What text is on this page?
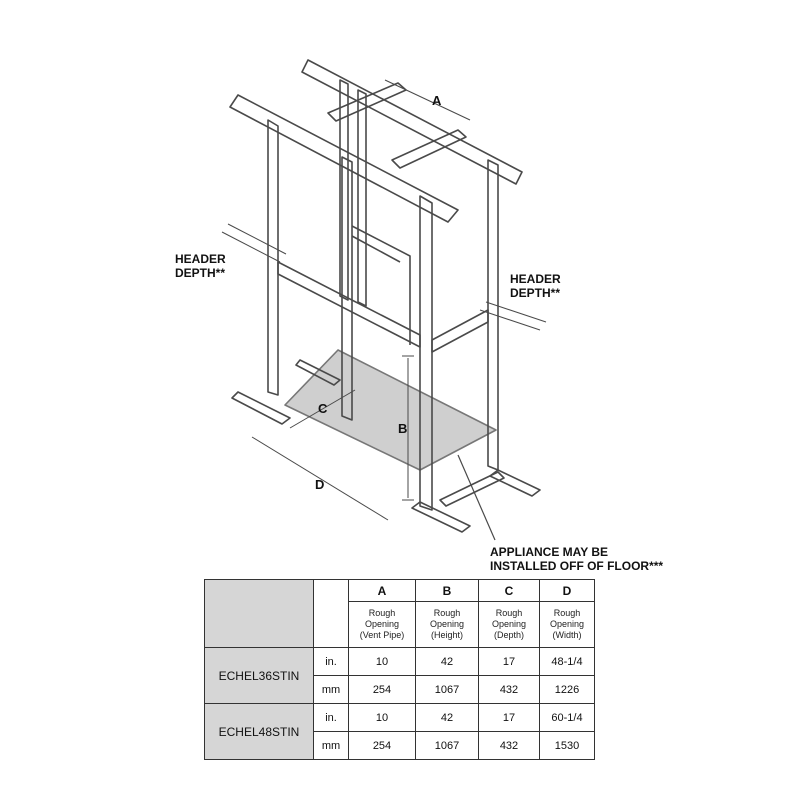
HEADER
DEPTH**	HEADER
DEPTH**
A
B
C
D
APPLIANCE MAY BE
INSTALLED OFF OF FLOOR***
		A	B	C	D
		Rough
Opening
(Vent Pipe)	Rough
Opening
(Height)	Rough
Opening
(Depth)	Rough
Opening
(Width)
ECHEL36STIN	in.	10	42	17	48-1/4
	mm	254	1067	432	1226
ECHEL48STIN	in.	10	42	17	60-1/4
	mm	254	1067	432	1530
